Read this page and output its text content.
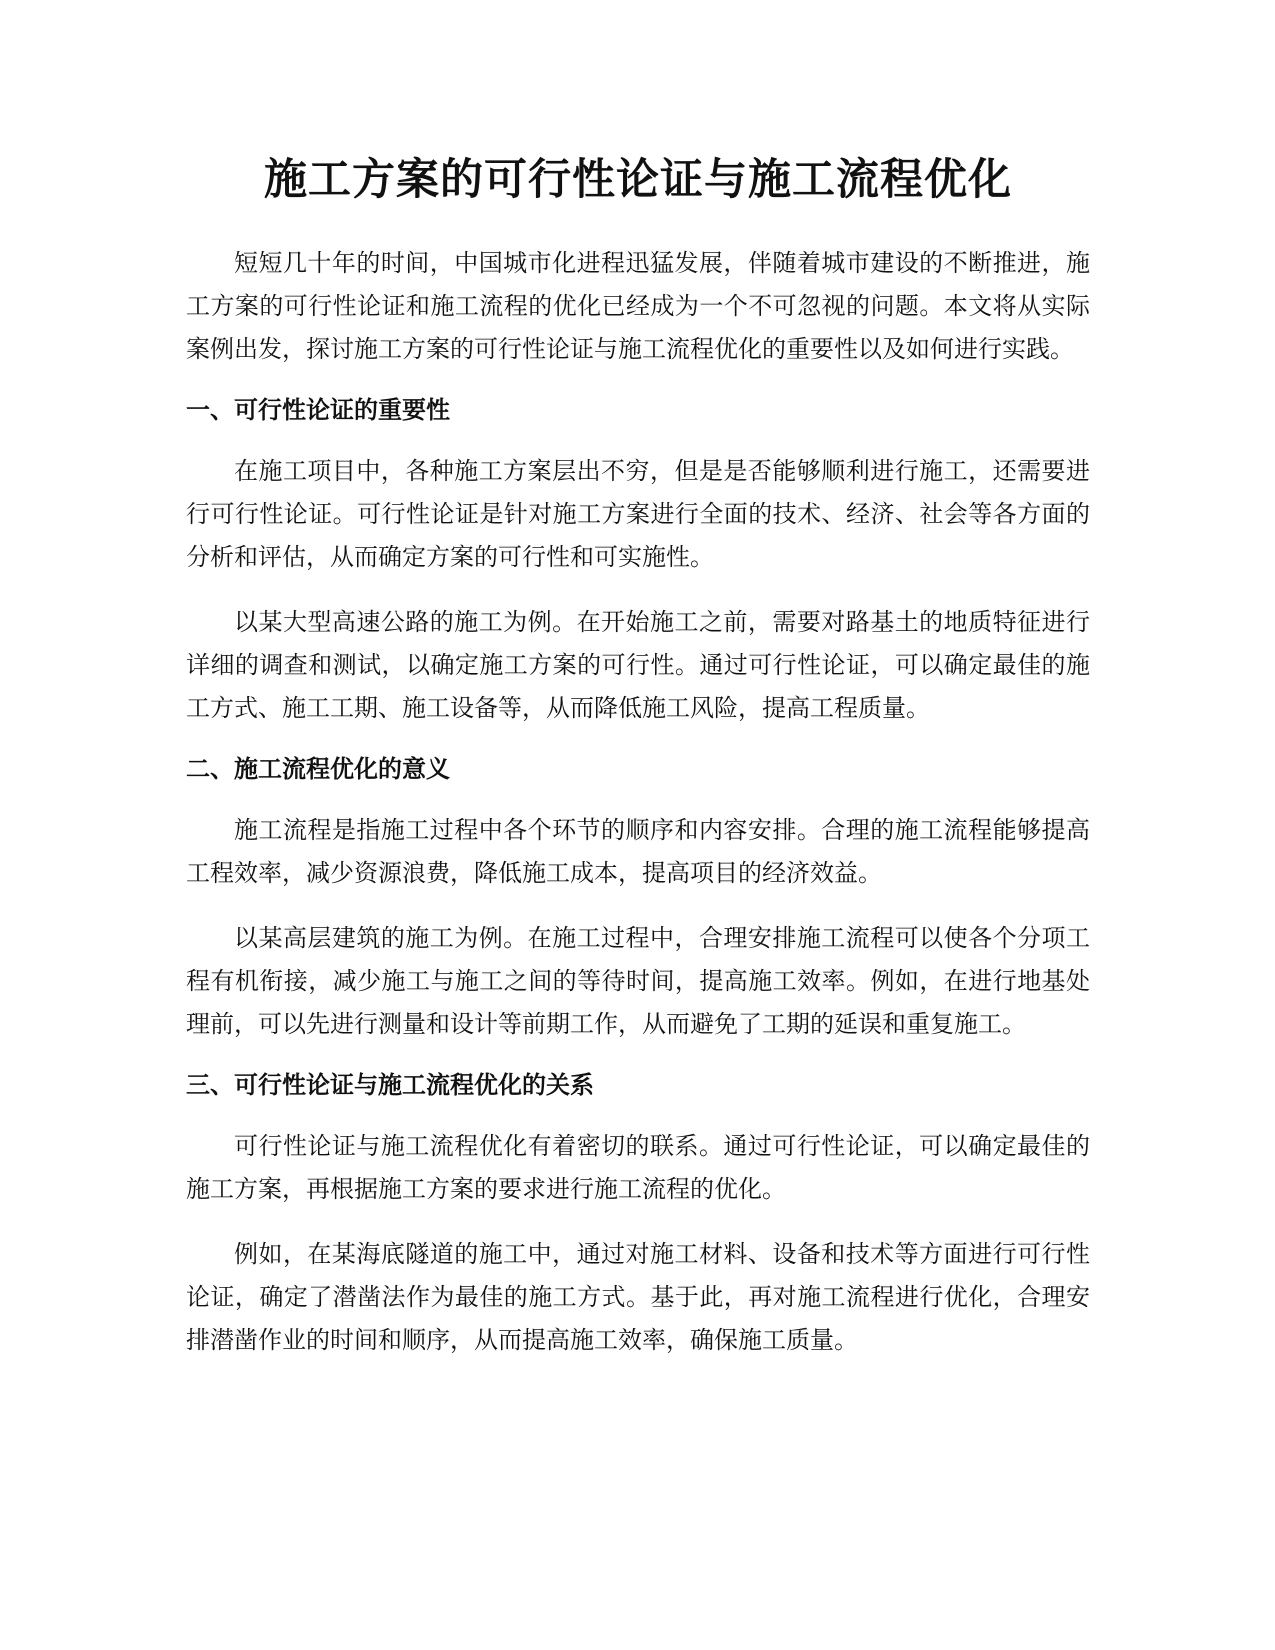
施工方案的可行性论证与施工流程优化

短短几十年的时间，中国城市化进程迅猛发展，伴随着城市建设的不断推进，施工方案的可行性论证和施工流程的优化已经成为一个不可忽视的问题。本文将从实际案例出发，探讨施工方案的可行性论证与施工流程优化的重要性以及如何进行实践。

一、可行性论证的重要性

在施工项目中，各种施工方案层出不穷，但是是否能够顺利进行施工，还需要进行可行性论证。可行性论证是针对施工方案进行全面的技术、经济、社会等各方面的分析和评估，从而确定方案的可行性和可实施性。

以某大型高速公路的施工为例。在开始施工之前，需要对路基土的地质特征进行详细的调查和测试，以确定施工方案的可行性。通过可行性论证，可以确定最佳的施工方式、施工工期、施工设备等，从而降低施工风险，提高工程质量。

二、施工流程优化的意义

施工流程是指施工过程中各个环节的顺序和内容安排。合理的施工流程能够提高工程效率，减少资源浪费，降低施工成本，提高项目的经济效益。

以某高层建筑的施工为例。在施工过程中，合理安排施工流程可以使各个分项工程有机衔接，减少施工与施工之间的等待时间，提高施工效率。例如，在进行地基处理前，可以先进行测量和设计等前期工作，从而避免了工期的延误和重复施工。

三、可行性论证与施工流程优化的关系

可行性论证与施工流程优化有着密切的联系。通过可行性论证，可以确定最佳的施工方案，再根据施工方案的要求进行施工流程的优化。

例如，在某海底隧道的施工中，通过对施工材料、设备和技术等方面进行可行性论证，确定了潜凿法作为最佳的施工方式。基于此，再对施工流程进行优化，合理安排潜凿作业的时间和顺序，从而提高施工效率，确保施工质量。
